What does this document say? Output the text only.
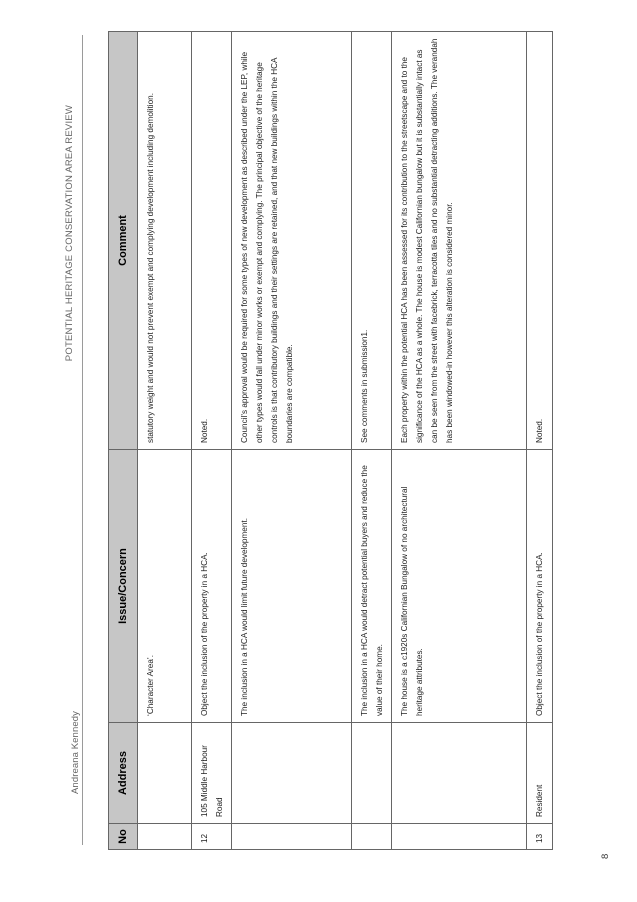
Andreana Kennedy
POTENTIAL HERITAGE CONSERVATION AREA REVIEW
No	Address	Issue/Concern	Comment
		‘Character Area’.	statutory weight and would not prevent exempt and complying development including demolition.
12	105 Middle Harbour Road	Object the inclusion of the property in a HCA.	Noted.
		The inclusion in a HCA would limit future development.	Council’s approval would be required for some types of new development as described under the LEP, while other types would fall under minor works or exempt and complying. The principal objective of the heritage controls is that contributory buildings and their settings are retained, and that new buildings within the HCA boundaries are compatible.
		The inclusion in a HCA would detract potential buyers and reduce the value of their home.	See comments in submission1.
		The house is a c1920s Californian Bungalow of no architectural heritage attributes.	Each property within the potential HCA has been assessed for its contribution to the streetscape and to the significance of the HCA as a whole. The house is modest Californian bungalow but it is substantially intact as can be seen from the street with facebrick, terracotta tiles and no substantial detracting additions. The verandah has been windowed-in however this alteration is considered minor.
13	Resident	Object the inclusion of the property in a HCA.	Noted.
8
